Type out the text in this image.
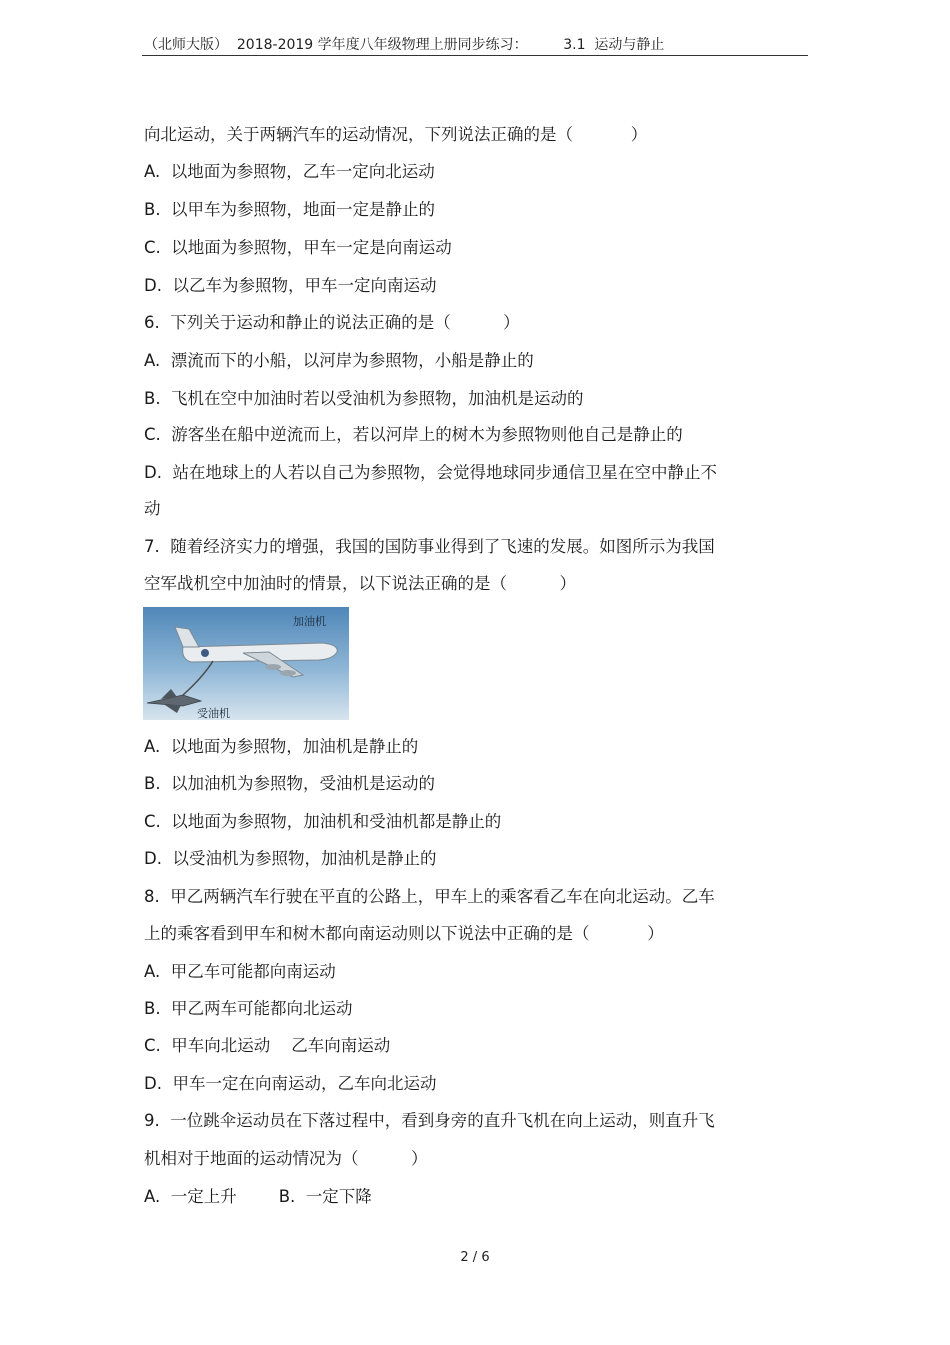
（北师大版）  2018-2019 学年度八年级物理上册同步练习：        3.1  运动与静止
向北运动，关于两辆汽车的运动情况，下列说法正确的是（           ）
A.  以地面为参照物，乙车一定向北运动
B.  以甲车为参照物，地面一定是静止的
C.  以地面为参照物，甲车一定是向南运动
D.  以乙车为参照物，甲车一定向南运动
6.  下列关于运动和静止的说法正确的是（          ）
A.  漂流而下的小船，以河岸为参照物，小船是静止的
B.  飞机在空中加油时若以受油机为参照物，加油机是运动的
C.  游客坐在船中逆流而上，若以河岸上的树木为参照物则他自己是静止的
D.  站在地球上的人若以自己为参照物，会觉得地球同步通信卫星在空中静止不
动
7.  随着经济实力的增强，我国的国防事业得到了飞速的发展。如图所示为我国
空军战机空中加油时的情景，以下说法正确的是（          ）
加油机
受油机
A.  以地面为参照物，加油机是静止的
B.  以加油机为参照物，受油机是运动的
C.  以地面为参照物，加油机和受油机都是静止的
D.  以受油机为参照物，加油机是静止的
8.  甲乙两辆汽车行驶在平直的公路上，甲车上的乘客看乙车在向北运动。乙车
上的乘客看到甲车和树木都向南运动则以下说法中正确的是（           ）
A.  甲乙车可能都向南运动
B.  甲乙两车可能都向北运动
C.  甲车向北运动    乙车向南运动
D.  甲车一定在向南运动，乙车向北运动
9.  一位跳伞运动员在下落过程中，看到身旁的直升飞机在向上运动，则直升飞
机相对于地面的运动情况为（          ）
A.  一定上升        B.  一定下降
2 / 6
